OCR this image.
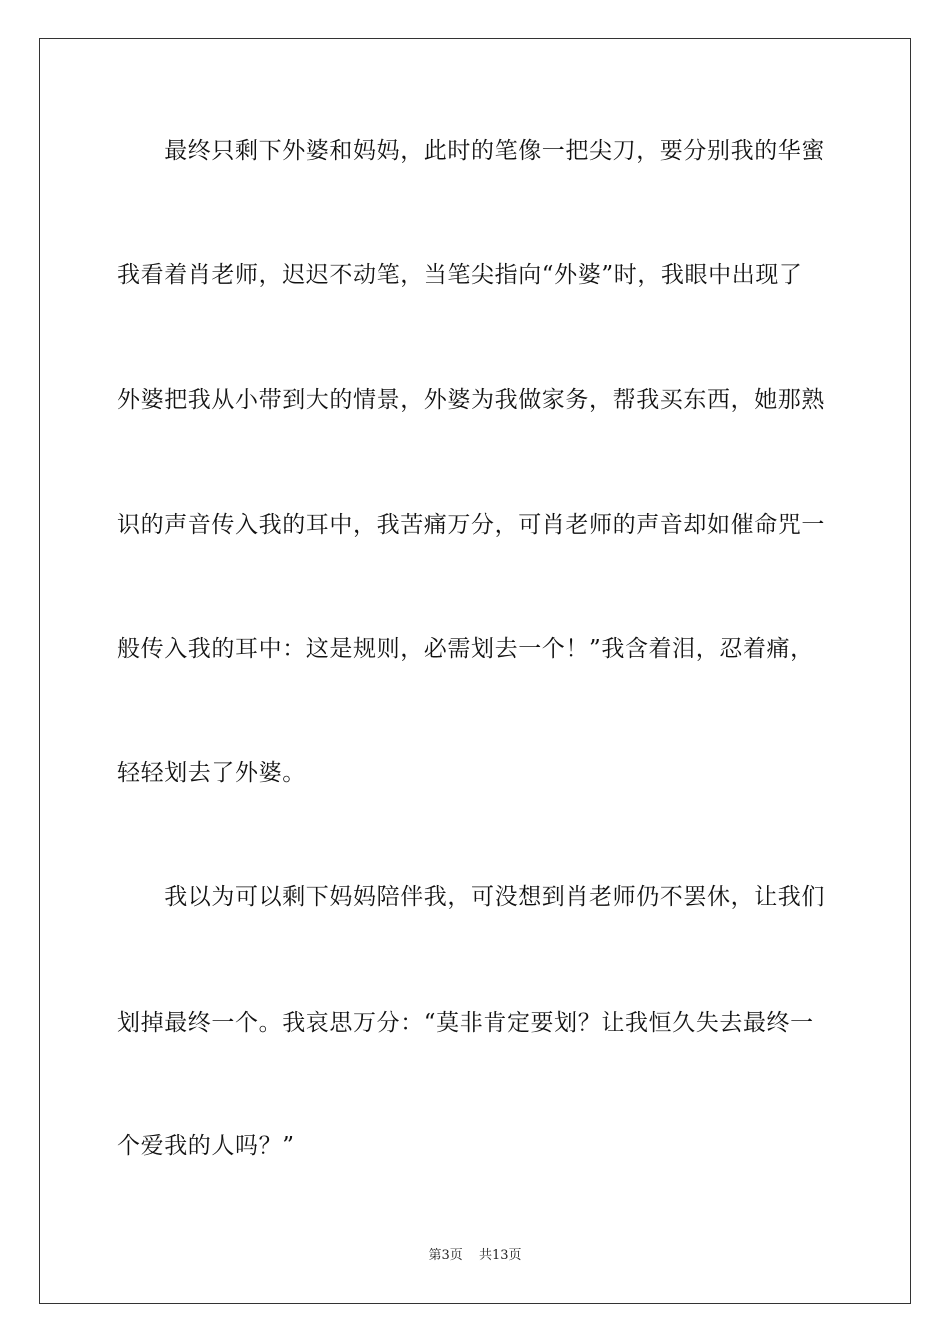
　　最终只剩下外婆和妈妈，此时的笔像一把尖刀，要分别我的华蜜
我看着肖老师，迟迟不动笔，当笔尖指向“外婆”时，我眼中出现了
外婆把我从小带到大的情景，外婆为我做家务，帮我买东西，她那熟
识的声音传入我的耳中，我苦痛万分，可肖老师的声音却如催命咒一
般传入我的耳中：这是规则，必需划去一个！”我含着泪，忍着痛，
轻轻划去了外婆。
　　我以为可以剩下妈妈陪伴我，可没想到肖老师仍不罢休，让我们
划掉最终一个。我哀思万分：“莫非肯定要划？让我恒久失去最终一
个爱我的人吗？”
第3页 共13页
